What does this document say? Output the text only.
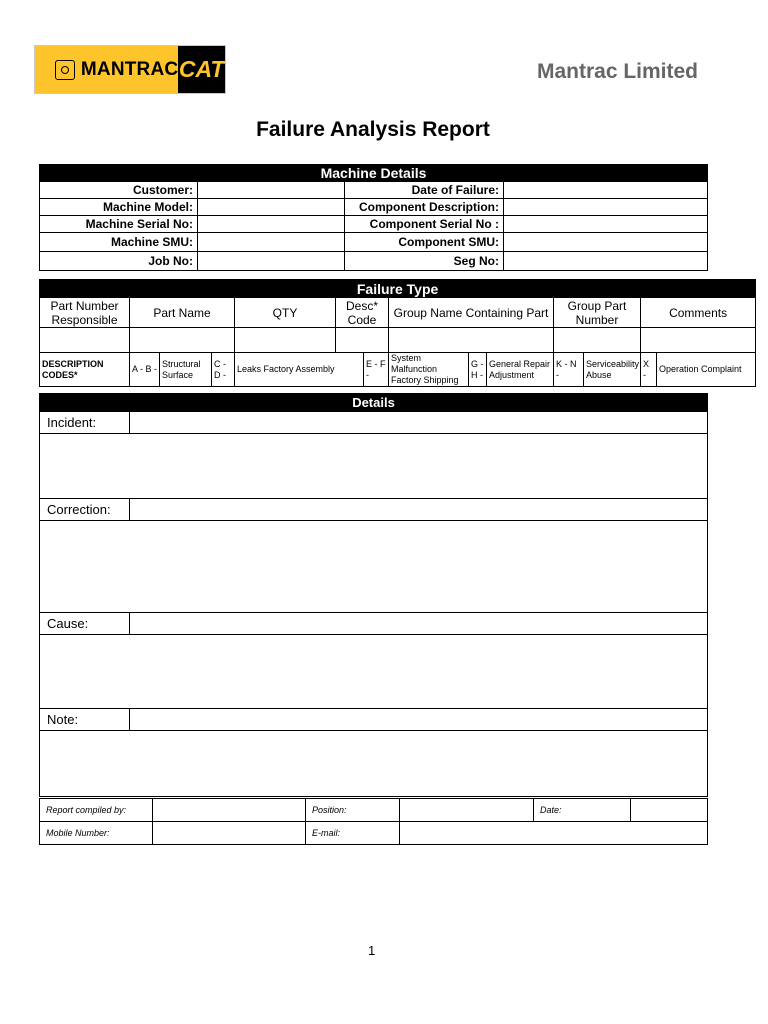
MANTRAC CAT	Mantrac Limited
Failure Analysis Report
Machine Details			
Customer:		Date of Failure:	
Machine Model:		Component Description:	
Machine Serial No:		Component Serial No :	
Machine SMU:		Component SMU:	
Job No:		Seg No:	
Failure Type													
Part Number Responsible	Part Name			QTY	Desc* Code		Group Name Containing Part			Group Part Number		Comments	

DESCRIPTION CODES*	A - B -	Structural Surface	C - D -	Leaks Factory Assembly		E - F -	System Malfunction Factory Shipping	G - H -	General Repair Adjustment	K - N -	Serviceability Abuse	X -	Operation Complaint
Details	
Incident:	

Correction:	

Cause:	

Note:	

Report compiled by:		Position:		Date:	
Mobile Number:		E-mail:			
1
